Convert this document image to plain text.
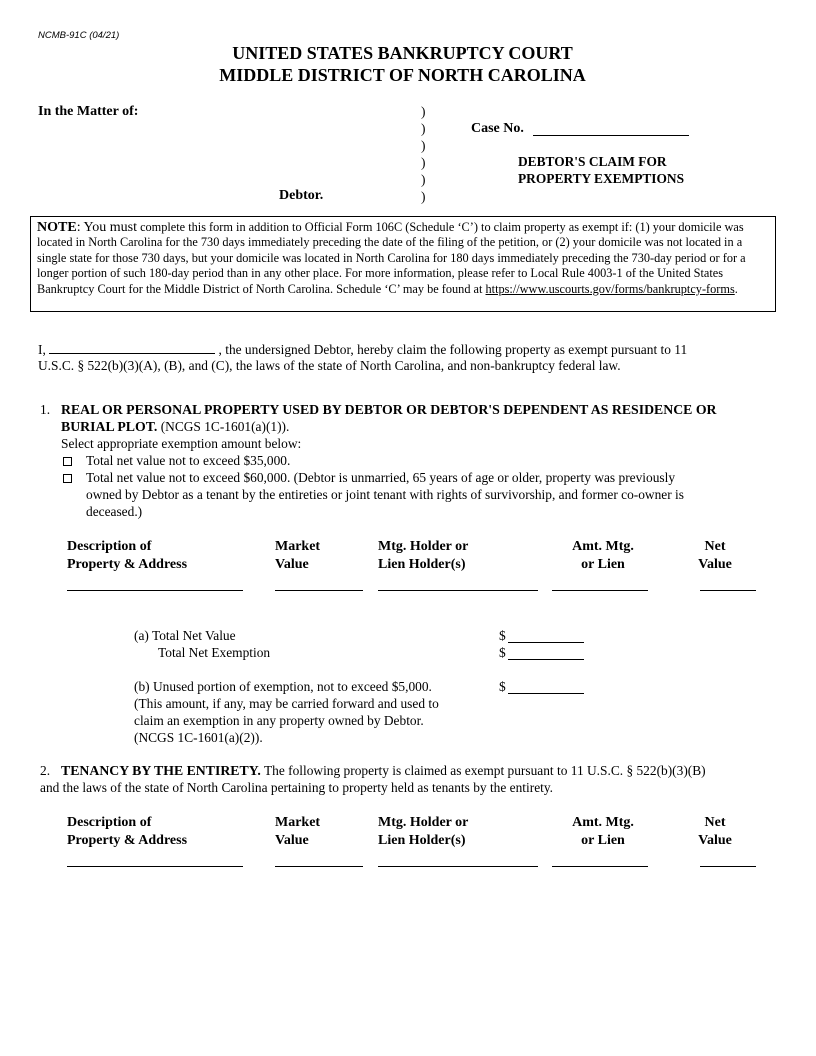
NCMB-91C (04/21)
UNITED STATES BANKRUPTCY COURT
MIDDLE DISTRICT OF NORTH CAROLINA
In the Matter of:
Debtor.
)
)
)
)
)
)
Case No.
DEBTOR'S CLAIM FOR
PROPERTY EXEMPTIONS
NOTE: You must complete this form in addition to Official Form 106C (Schedule ‘C’) to claim property as exempt if: (1) your domicile was located in North Carolina for the 730 days immediately preceding the date of the filing of the petition, or (2) your domicile was not located in a single state for those 730 days, but your domicile was located in North Carolina for 180 days immediately preceding the 730-day period or for a longer portion of such 180-day period than in any other place. For more information, please refer to Local Rule 4003-1 of the United States Bankruptcy Court for the Middle District of North Carolina. Schedule ‘C’ may be found at https://www.uscourts.gov/forms/bankruptcy-forms.
I,	, the undersigned Debtor, hereby claim the following property as exempt pursuant to 11
U.S.C. § 522(b)(3)(A), (B), and (C), the laws of the state of North Carolina, and non-bankruptcy federal law.
1. REAL OR PERSONAL PROPERTY USED BY DEBTOR OR DEBTOR'S DEPENDENT AS RESIDENCE OR
BURIAL PLOT. (NCGS 1C-1601(a)(1)).
Select appropriate exemption amount below:
Total net value not to exceed $35,000.
Total net value not to exceed $60,000. (Debtor is unmarried, 65 years of age or older, property was previously
owned by Debtor as a tenant by the entireties or joint tenant with rights of survivorship, and former co-owner is
deceased.)
Description of
Property & Address
Market
Value
Mtg. Holder or
Lien Holder(s)
Amt. Mtg.
or Lien
Net
Value
(a) Total Net Value
Total Net Exemption
$
$
(b) Unused portion of exemption, not to exceed $5,000.
(This amount, if any, may be carried forward and used to
claim an exemption in any property owned by Debtor.
(NCGS 1C-1601(a)(2)).
$
2. TENANCY BY THE ENTIRETY. The following property is claimed as exempt pursuant to 11 U.S.C. § 522(b)(3)(B)
and the laws of the state of North Carolina pertaining to property held as tenants by the entirety.
Description of
Property & Address
Market
Value
Mtg. Holder or
Lien Holder(s)
Amt. Mtg.
or Lien
Net
Value
